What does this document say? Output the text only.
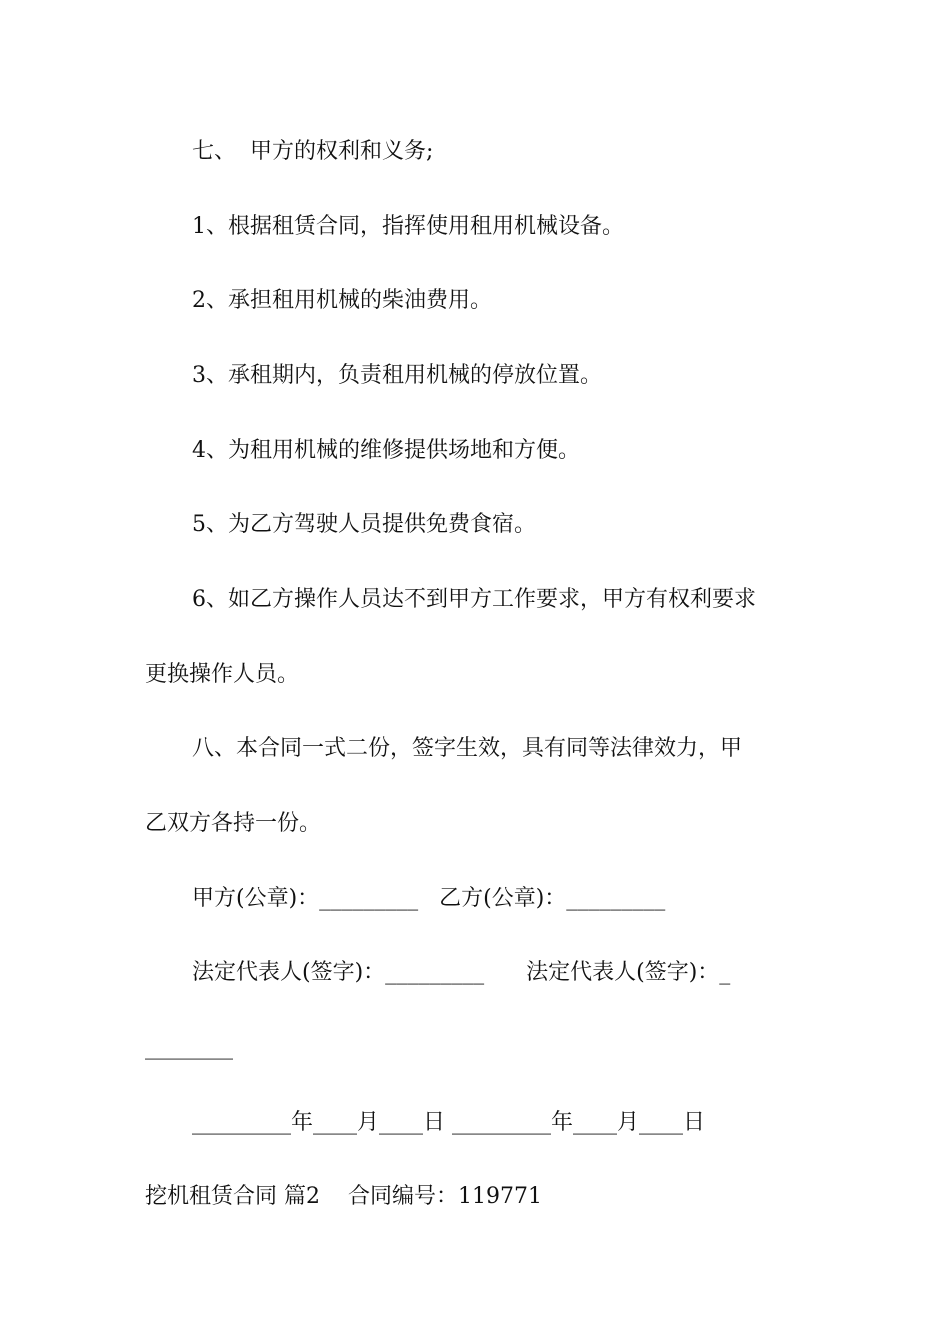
七、  甲方的权利和义务;
1、根据租赁合同，指挥使用租用机械设备。
2、承担租用机械的柴油费用。
3、承租期内，负责租用机械的停放位置。
4、为租用机械的维修提供场地和方便。
5、为乙方驾驶人员提供免费食宿。
6、如乙方操作人员达不到甲方工作要求，甲方有权利要求
更换操作人员。
八、本合同一式二份，签字生效，具有同等法律效力，甲
乙双方各持一份。
甲方(公章)：_________   乙方(公章)：_________
法定代表人(签字)：_________      法定代表人(签字)：_
________
_________年____月____日 _________年____月____日
挖机租赁合同 篇2    合同编号：119771
